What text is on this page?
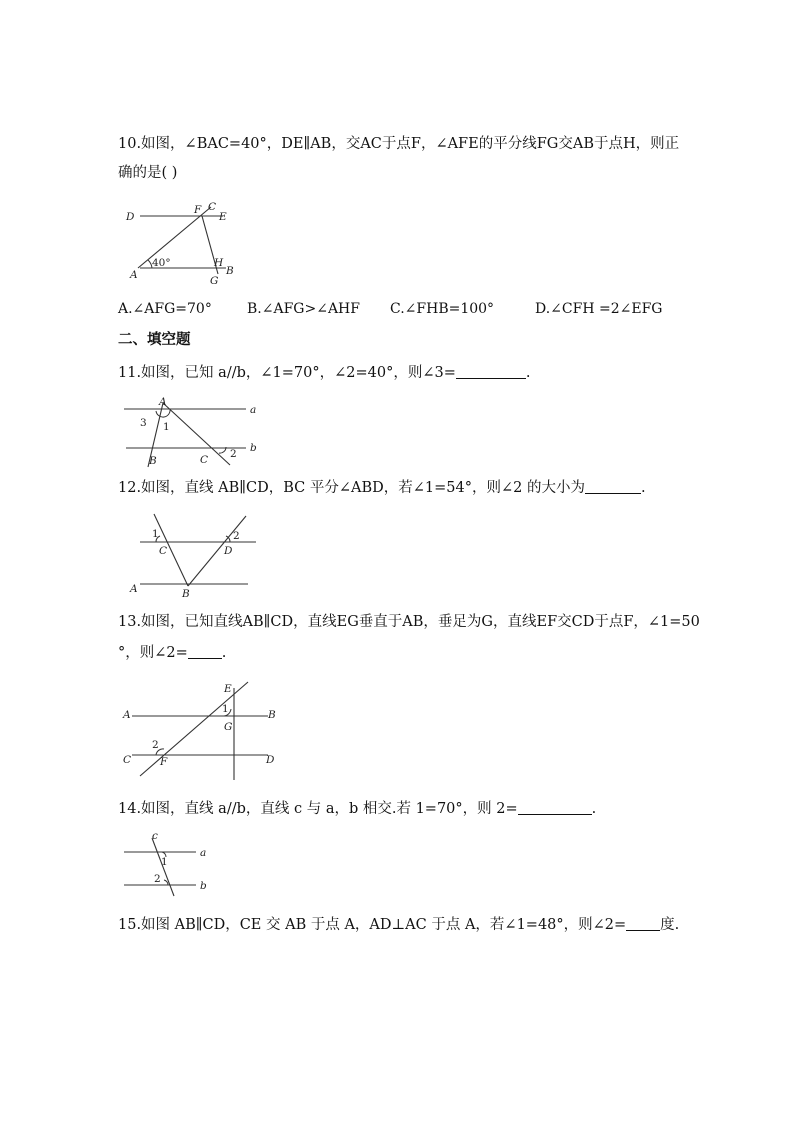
10.如图，∠BAC=40°，DE∥AB，交AC于点F，∠AFE的平分线FG交AB于点H，则正
确的是( )
D
F C
E
A
H
B
G
40°
A.∠AFG=70°	B.∠AFG>∠AHF C.∠FHB=100°	D.∠CFH =2∠EFG
二、填空题
11.如图，已知 a//b，∠1=70°，∠2=40°，则∠3=	.
A
a
b
B	C
1
2
3
12.如图，直线 AB∥CD，BC 平分∠ABD，若∠1=54°，则∠2 的大小为	.
1	2
C	D
A	B
13.如图，已知直线AB∥CD，直线EG垂直于AB，垂足为G，直线EF交CD于点F，∠1=50
°，则∠2= .
E
1
G
A	B
2
C	F	D
14.如图，直线 a//b，直线 c 与 a，b 相交.若 1=70°，则 2=	.
c
a
b
1
2
15.如图 AB∥CD，CE 交 AB 于点 A，AD⊥AC 于点 A，若∠1=48°，则∠2= 度.
